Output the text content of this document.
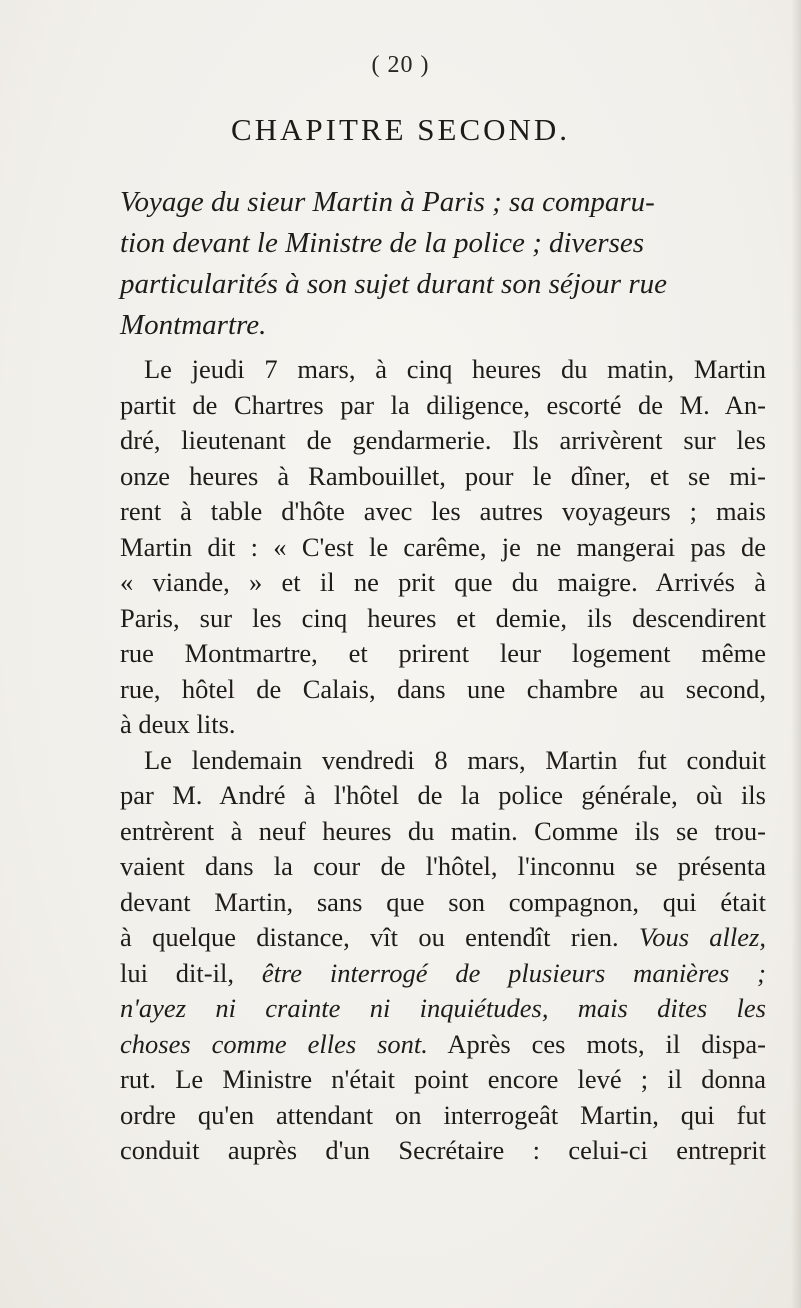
( 20 )
CHAPITRE SECOND.
Voyage du sieur Martin à Paris ; sa comparu-
tion devant le Ministre de la police ; diverses
particularités à son sujet durant son séjour rue
Montmartre.
Le jeudi 7 mars, à cinq heures du matin, Martin
partit de Chartres par la diligence, escorté de M. An-
dré, lieutenant de gendarmerie. Ils arrivèrent sur les
onze heures à Rambouillet, pour le dîner, et se mi-
rent à table d'hôte avec les autres voyageurs ; mais
Martin dit : « C'est le carême, je ne mangerai pas de
« viande, » et il ne prit que du maigre. Arrivés à
Paris, sur les cinq heures et demie, ils descendirent
rue Montmartre, et prirent leur logement même
rue, hôtel de Calais, dans une chambre au second,
à deux lits.
Le lendemain vendredi 8 mars, Martin fut conduit
par M. André à l'hôtel de la police générale, où ils
entrèrent à neuf heures du matin. Comme ils se trou-
vaient dans la cour de l'hôtel, l'inconnu se présenta
devant Martin, sans que son compagnon, qui était
à quelque distance, vît ou entendît rien. Vous allez,
lui dit-il, être interrogé de plusieurs manières ;
n'ayez ni crainte ni inquiétudes, mais dites les
choses comme elles sont. Après ces mots, il dispa-
rut. Le Ministre n'était point encore levé ; il donna
ordre qu'en attendant on interrogeât Martin, qui fut
conduit auprès d'un Secrétaire : celui-ci entreprit
